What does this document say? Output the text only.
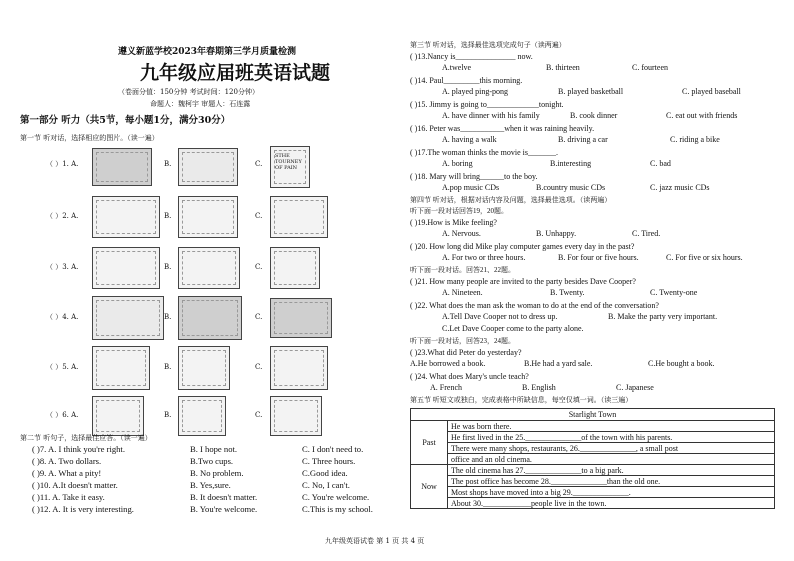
遵义新蓝学校2023年春期第三学月质量检测
九年级应届班英语试题
（卷面分值：150分钟 考试时间：120分钟）
命题人：魏柯宇 审题人：石连露
第一部分 听力（共5节，每小题1分，满分30分）
第一节 听对话，选择相应的图片。（读一遍）
（ ）1. A.	B.	C.
STHE TOURNEY OF PAIN
（ ）2. A.	B.	C.
（ ）3. A.	B.	C.
（ ）4. A.	B.	C.
（ ）5. A.	B.	C.
（ ）6. A.	B.	C.
第二节 听句子，选择最佳应答。（读一遍）
( )7. A. I think you're right.	B. I hope not.	C. I don't need to.
( )8. A. Two dollars.	B.Two cups.	C. Three hours.
( )9. A. What a pity!	B. No problem.	C.Good idea.
( )10. A.It doesn't matter.	B. Yes,sure.	C. No, I can't.
( )11. A. Take it easy.	B. It doesn't matter.	C. You're welcome.
( )12. A. It is very interesting.	B. You're welcome.	C.This is my school.
第三节 听对话，选择最佳选项完成句子（读两遍）
( )13.Nancy is_______________ now.
A.twelve	B. thirteen	C. fourteen
( )14. Paul_________this morning.
A. played ping-pong	B. played basketball	C. played baseball
( )15. Jimmy is going to_____________tonight.
A. have dinner with his family	B. cook dinner	C. eat out with friends
( )16. Peter was___________when it was raining heavily.
A. having a walk	B. driving a car	C. riding a bike
( )17.The woman thinks the movie is_______.
A. boring	B.interesting	C. bad
( )18. Mary will bring______to the boy.
A.pop music CDs	B.country music CDs	C. jazz music CDs
第四节 听对话，根据对话内容及问题，选择最佳选项。（读两遍）
听下面一段对话回答19，20题。
( )19.How is Mike feeling?
A. Nervous.	B. Unhappy.	C. Tired.
( )20. How long did Mike play computer games every day in the past?
A. For two or three hours.	B. For four or five hours.	C. For five or six hours.
听下面一段对话。回答21、22题。
( )21. How many people are invited to the party besides Dave Cooper?
A. Nineteen.	B. Twenty.	C. Twenty-one
( )22. What does the man ask the woman to do at the end of the conversation?
A.Tell Dave Cooper not to dress up.	B. Make the party very important.
C.Let Dave Cooper come to the party alone.
听下面一段对话，回答23，24题。
( )23.What did Peter do yesterday?
A.He borrowed a book.	B.He had a yard sale.	C.He bought a book.
( )24. What does Mary's uncle teach?
A. French	B. English	C. Japanese
第五节 听短文或独白，完成表格中所缺信息，每空仅填一词。（读三遍）
Starlight Town	
Past	He was born there.
	He first lived in the 25.______________of the town with his parents.
	There were many shops, restaurants, 26.______________, a small post
	office and an old cinema.
Now	The old cinema has 27.______________to a big park.
	The post office has become 28.______________than the old one.
	Most shops have moved into a big 29.______________.
	About 30.____________people live in the town.
九年级英语试卷 第 1 页 共 4 页
